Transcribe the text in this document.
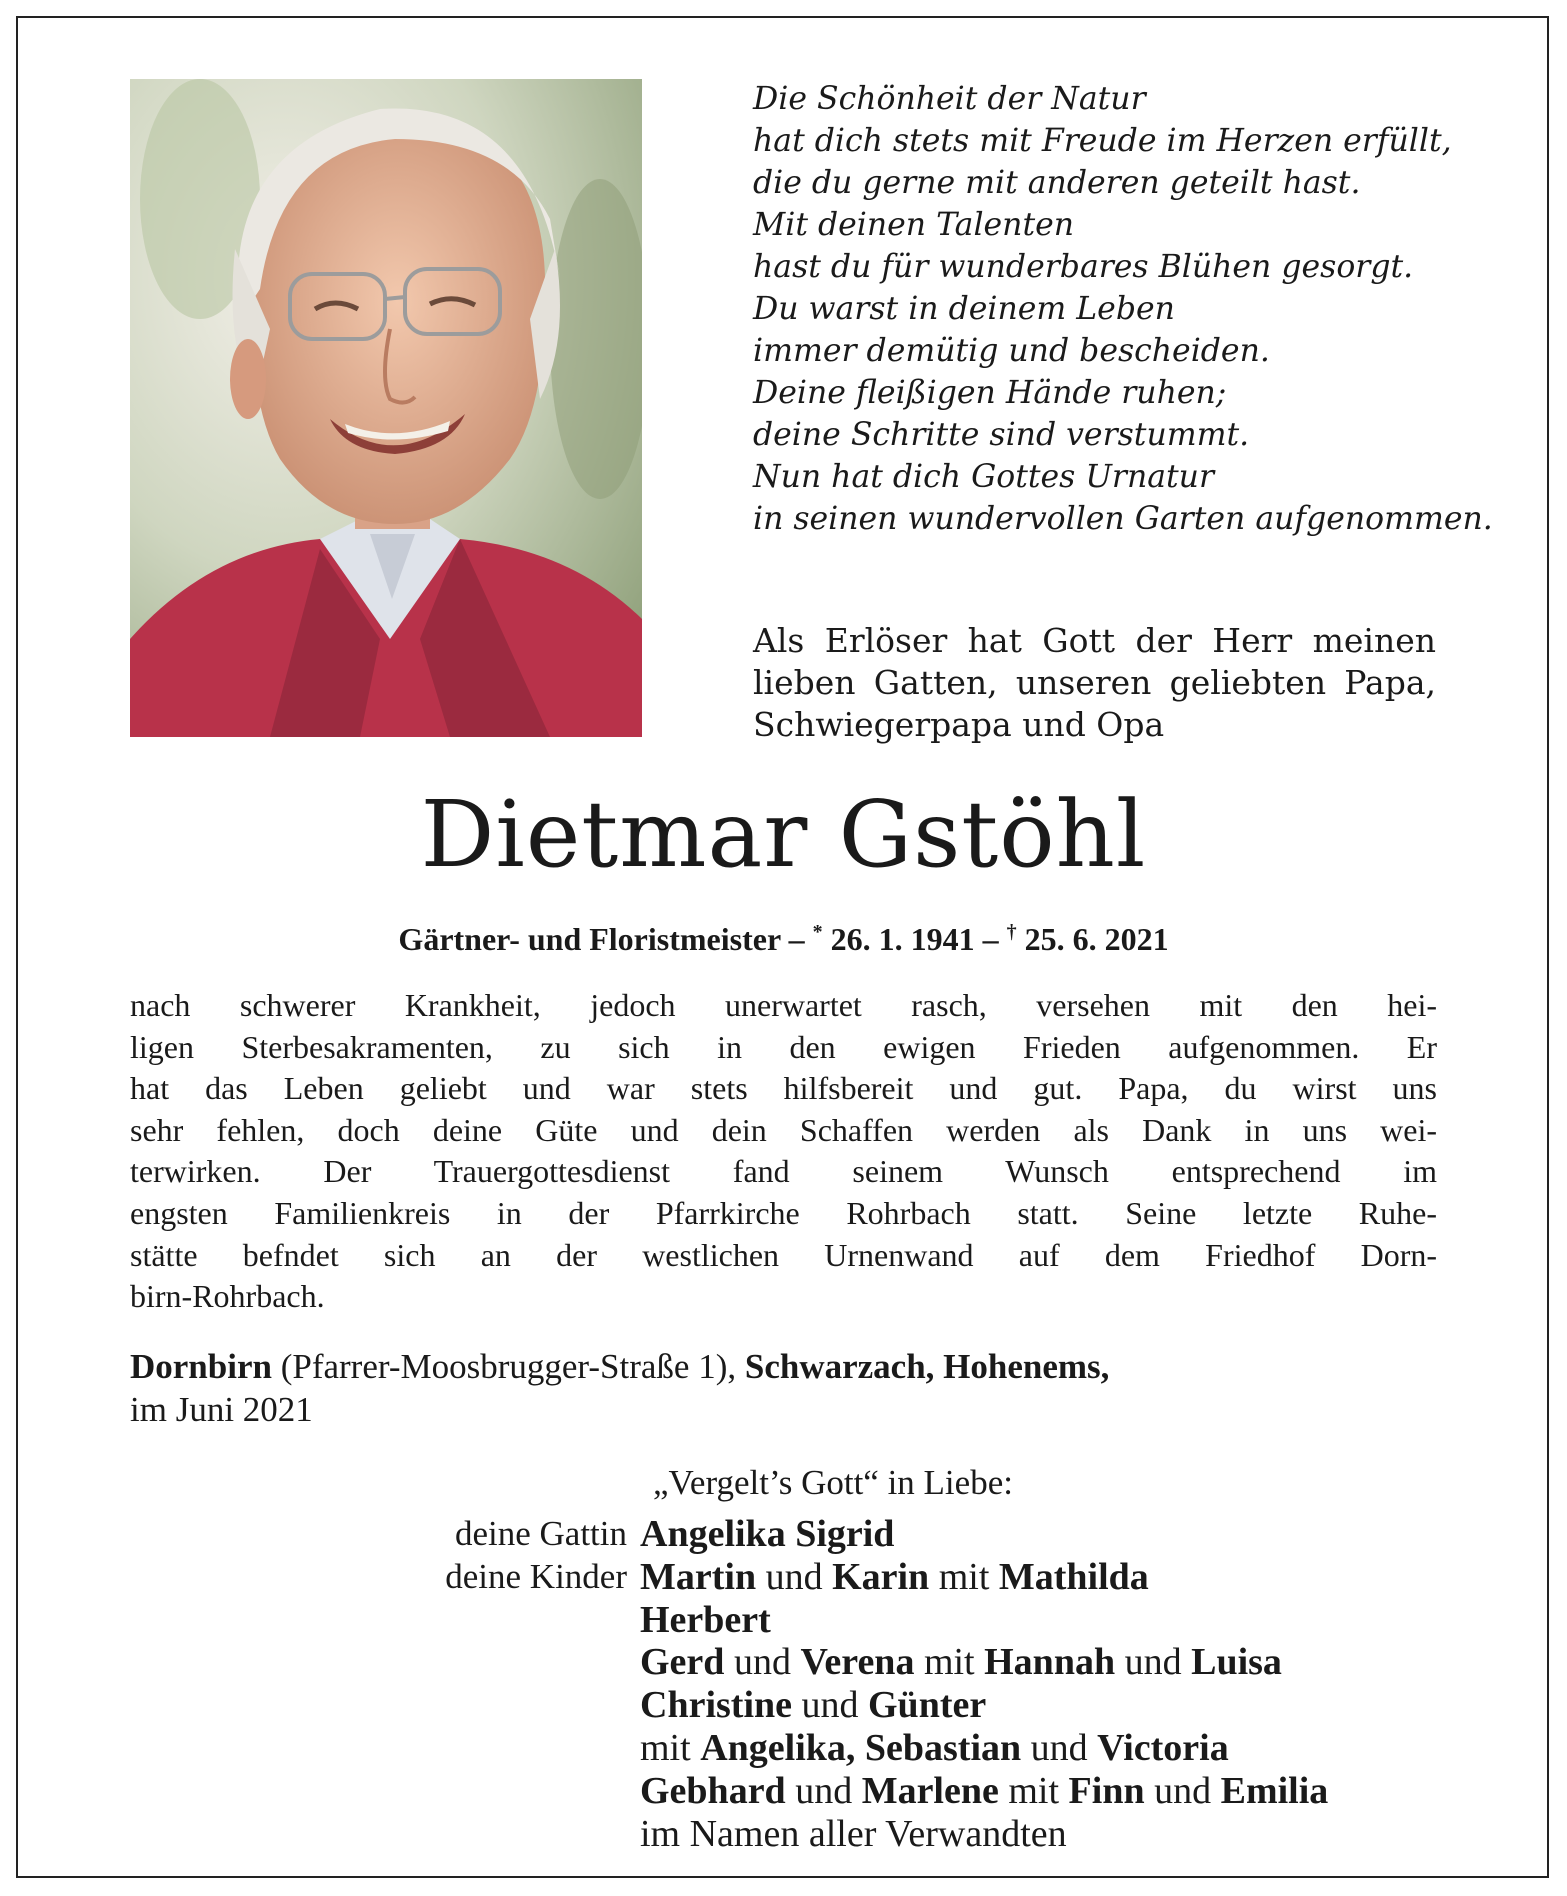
Die Schönheit der Natur
hat dich stets mit Freude im Herzen erfüllt,
die du gerne mit anderen geteilt hast.
Mit deinen Talenten
hast du für wunderbares Blühen gesorgt.
Du warst in deinem Leben
immer demütig und bescheiden.
Deine fleißigen Hände ruhen;
deine Schritte sind verstummt.
Nun hat dich Gottes Urnatur
in seinen wundervollen Garten aufgenommen.
Als Erlöser hat Gott der Herr meinen
lieben Gatten, unseren geliebten Papa,
Schwiegerpapa und Opa
Dietmar Gstöhl
Gärtner- und Floristmeister – * 26. 1. 1941 – † 25. 6. 2021
nach schwerer Krankheit, jedoch unerwartet rasch, versehen mit den hei-
ligen Sterbesakramenten, zu sich in den ewigen Frieden aufgenommen. Er
hat das Leben geliebt und war stets hilfsbereit und gut. Papa, du wirst uns
sehr fehlen, doch deine Güte und dein Schaffen werden als Dank in uns wei-
terwirken. Der Trauergottesdienst fand seinem Wunsch entsprechend im
engsten Familienkreis in der Pfarrkirche Rohrbach statt. Seine letzte Ruhe-
stätte befndet sich an der westlichen Urnenwand auf dem Friedhof Dorn-
birn-Rohrbach.
Dornbirn (Pfarrer-Moosbrugger-Straße 1), Schwarzach, Hohenems,
im Juni 2021
„Vergelt’s Gott“ in Liebe:
deine Gattin Angelika Sigrid
deine Kinder Martin und Karin mit Mathilda
Herbert
Gerd und Verena mit Hannah und Luisa
Christine und Günter
mit Angelika, Sebastian und Victoria
Gebhard und Marlene mit Finn und Emilia
im Namen aller Verwandten
